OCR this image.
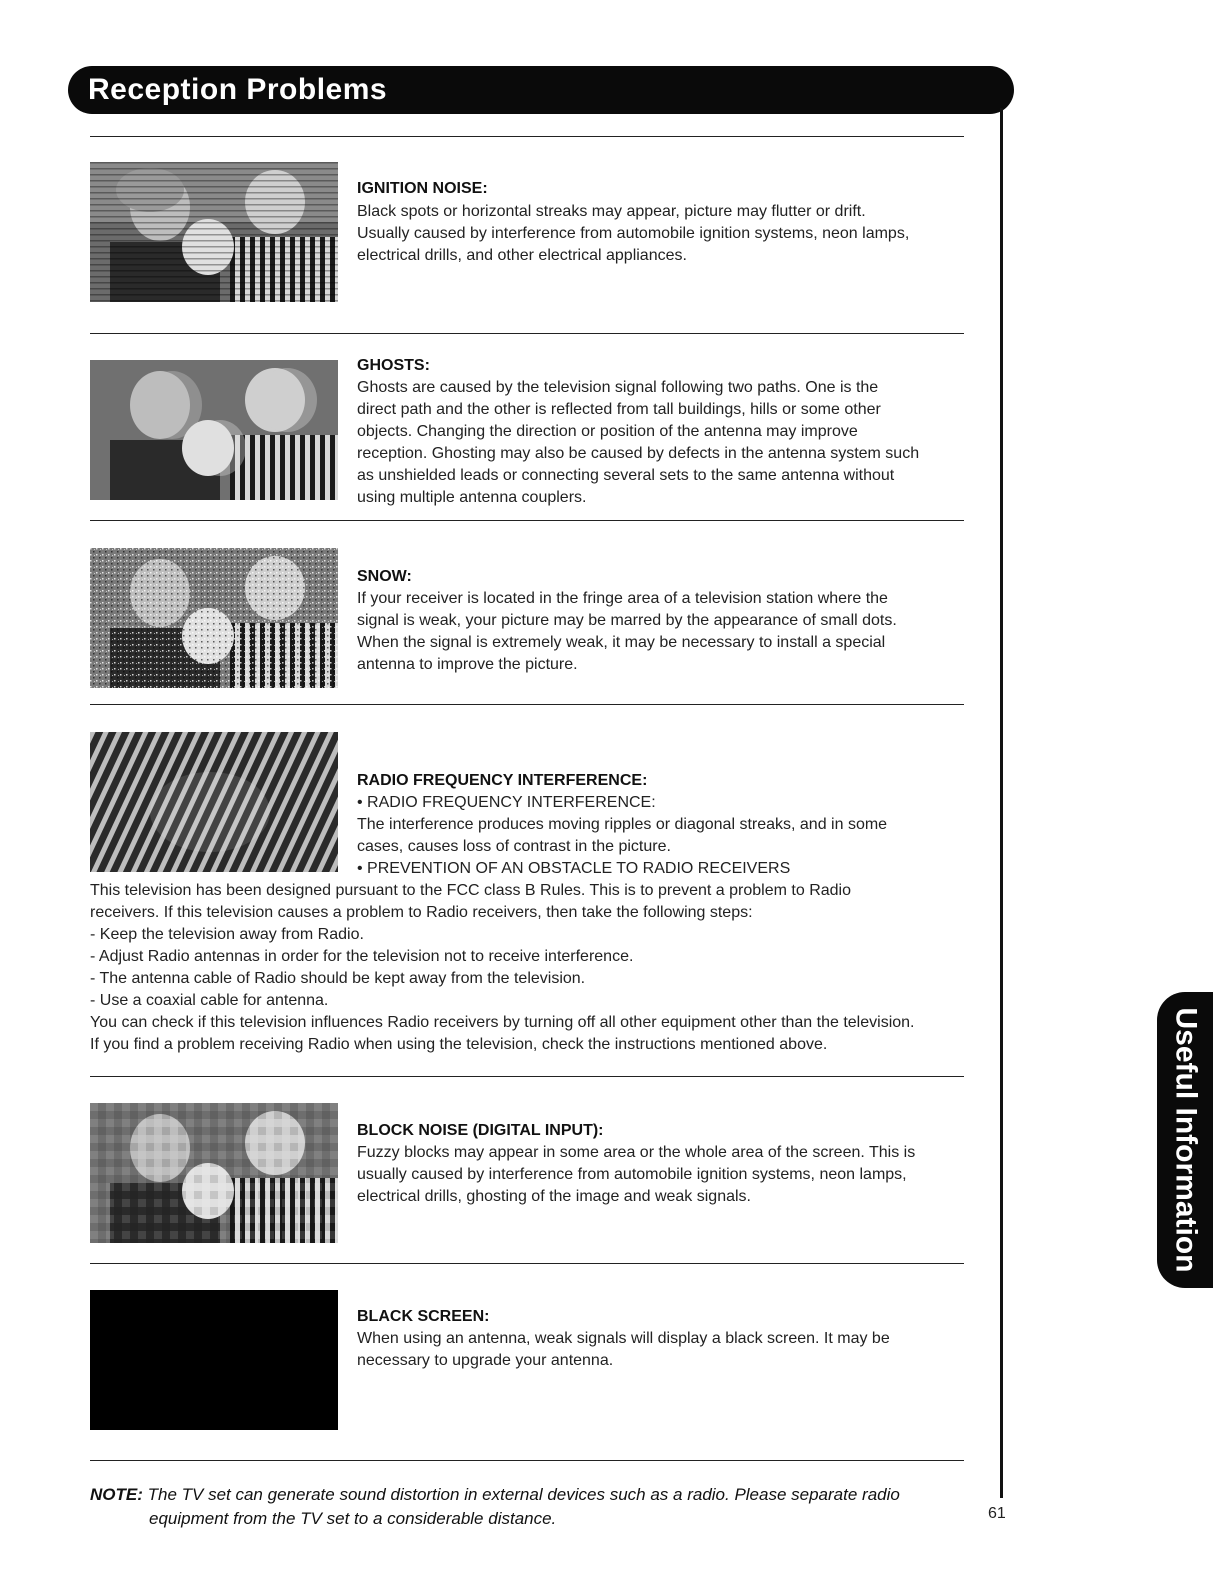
Reception Problems
IGNITION NOISE:
Black spots or horizontal streaks may appear, picture may flutter or drift.
Usually caused by interference from automobile ignition systems, neon lamps,
electrical drills, and other electrical appliances.
GHOSTS:
Ghosts are caused by the television signal following two paths. One is the
direct path and the other is reflected from tall buildings, hills or some other
objects. Changing the direction or position of the antenna may improve
reception. Ghosting may also be caused by defects in the antenna system such
as unshielded leads or connecting several sets to the same antenna without
using multiple antenna couplers.
SNOW:
If your receiver is located in the fringe area of a television station where the
signal is weak, your picture may be marred by the appearance of small dots.
When the signal is extremely weak, it may be necessary to install a special
antenna to improve the picture.
RADIO FREQUENCY INTERFERENCE:
• RADIO FREQUENCY INTERFERENCE:
The interference produces moving ripples or diagonal streaks, and in some
cases, causes loss of contrast in the picture.
• PREVENTION OF AN OBSTACLE TO RADIO RECEIVERS
This television has been designed pursuant to the FCC class B Rules. This is to prevent a problem to Radio
receivers. If this television causes a problem to Radio receivers, then take the following steps:
- Keep the television away from Radio.
- Adjust Radio antennas in order for the television not to receive interference.
- The antenna cable of Radio should be kept away from the television.
- Use a coaxial cable for antenna.
You can check if this television influences Radio receivers by turning off all other equipment other than the television.
If you find a problem receiving Radio when using the television, check the instructions mentioned above.
BLOCK NOISE (DIGITAL INPUT):
Fuzzy blocks may appear in some area or the whole area of the screen. This is
usually caused by interference from automobile ignition systems, neon lamps,
electrical drills, ghosting of the image and weak signals.
BLACK SCREEN:
When using an antenna, weak signals will display a black screen. It may be
necessary to upgrade your antenna.
NOTE: The TV set can generate sound distortion in external devices such as a radio. Please separate radio
equipment from the TV set to a considerable distance.	61
Useful Information
